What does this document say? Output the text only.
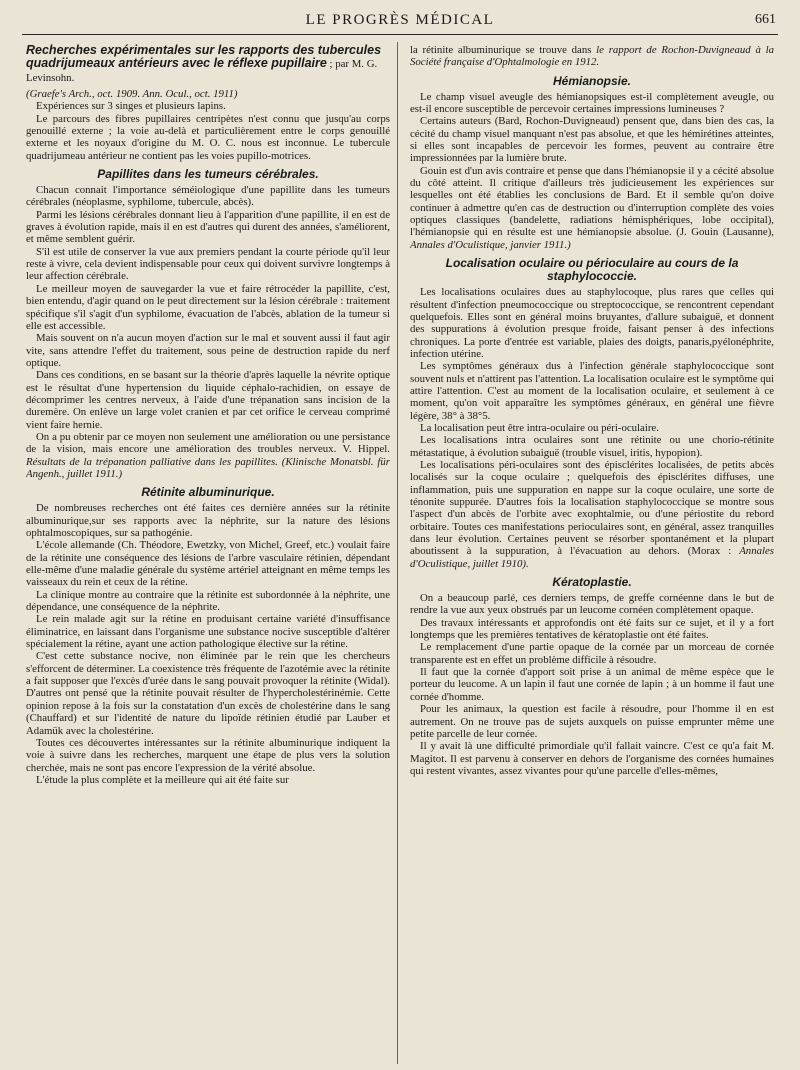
LE PROGRÈS MÉDICAL	661
Recherches expérimentales sur les rapports des tubercules quadrijumeaux antérieurs avec le réflexe pupillaire ; par M. G. Levinsohn.

(Graefe's Arch., oct. 1909. Ann. Ocul., oct. 1911)

Expériences sur 3 singes et plusieurs lapins.

Le parcours des fibres pupillaires centripètes n'est connu que jusqu'au corps genouillé externe ; la voie au-delà et particulièrement entre le corps genouillé externe et les noyaux d'origine du M. O. C. nous est inconnue. Le tubercule quadrijumeau antérieur ne contient pas les voies pupillo-motrices.

Papillites dans les tumeurs cérébrales.

Chacun connait l'importance séméiologique d'une papillite dans les tumeurs cérébrales (néoplasme, syphilome, tubercule, abcès).

Parmi les lésions cérébrales donnant lieu à l'apparition d'une papillite, il en est de graves à évolution rapide, mais il en est d'autres qui durent des années, s'améliorent, et même semblent guérir.

S'il est utile de conserver la vue aux premiers pendant la courte période qu'il leur reste à vivre, cela devient indispensable pour ceux qui doivent survivre longtemps à leur affection cérébrale.

Le meilleur moyen de sauvegarder la vue et faire rétrocéder la papillite, c'est, bien entendu, d'agir quand on le peut directement sur la lésion cérébrale : traitement spécifique s'il s'agit d'un syphilome, évacuation de l'abcès, ablation de la tumeur si elle est accessible.

Mais souvent on n'a aucun moyen d'action sur le mal et souvent aussi il faut agir vite, sans attendre l'effet du traitement, sous peine de destruction rapide du nerf optique.

Dans ces conditions, en se basant sur la théorie d'après laquelle la névrite optique est le résultat d'une hypertension du liquide céphalo-rachidien, on essaye de décomprimer les centres nerveux, à l'aide d'une trépanation sans incision de la duremère. On enlève un large volet cranien et par cet orifice le cerveau comprimé vient faire hernie.

On a pu obtenir par ce moyen non seulement une amélioration ou une persistance de la vision, mais encore une amélioration des troubles nerveux. V. Hippel. Résultats de la trépanation palliative dans les papillites. (Klinische Monatsbl. für Angenh., juillet 1911.)

Rétinite albuminurique.

De nombreuses recherches ont été faites ces dernière années sur la rétinite albuminurique,sur ses rapports avec la néphrite, sur la nature des lésions ophtalmoscopiques, sur sa pathogénie.

L'école allemande (Ch. Théodore, Ewetzky, von Michel, Greef, etc.) voulait faire de la rétinite une conséquence des lésions de l'arbre vasculaire rétinien, dépendant elle-même d'une maladie générale du système artériel atteignant en même temps les vaisseaux du rein et ceux de la rétine.

La clinique montre au contraire que la rétinite est subordonnée à la néphrite, une dépendance, une conséquence de la néphrite.

Le rein malade agit sur la rétine en produisant certaine variété d'insuffisance éliminatrice, en laissant dans l'organisme une substance nocive susceptible d'altérer spécialement la rétine, ayant une action pathologique élective sur la rétine.

C'est cette substance nocive, non éliminée par le rein que les chercheurs s'efforcent de déterminer. La coexistence très fréquente de l'azotémie avec la rétinite a fait supposer que l'excès d'urée dans le sang pouvait provoquer la rétinite (Widal). D'autres ont pensé que la rétinite pouvait résulter de l'hypercholestérinémie. Cette opinion repose à la fois sur la constatation d'un excès de cholestérine dans le sang (Chauffard) et sur l'identité de nature du lipoïde rétinien étudié par Lauber et Adamük avec la cholestérine.

Toutes ces découvertes intéressantes sur la rétinite albuminurique indiquent la voie à suivre dans les recherches, marquent une étape de plus vers la solution cherchée, mais ne sont pas encore l'expression de la vérité absolue.

L'étude la plus complète et la meilleure qui ait été faite sur

la rétinite albuminurique se trouve dans le rapport de Rochon-Duvigneaud à la Société française d'Ophtalmologie en 1912.

Hémianopsie.

Le champ visuel aveugle des hémianopsiques est-il complètement aveugle, ou est-il encore susceptible de percevoir certaines impressions lumineuses ?

Certains auteurs (Bard, Rochon-Duvigneaud) pensent que, dans bien des cas, la cécité du champ visuel manquant n'est pas absolue, et que les hémirétines atteintes, si elles sont incapables de percevoir les formes, peuvent au contraire être impressionnées par la lumière brute.

Gouin est d'un avis contraire et pense que dans l'hémianopsie il y a cécité absolue du côté atteint. Il critique d'ailleurs très judicieusement les expériences sur lesquelles ont été établies les conclusions de Bard. Et il semble qu'on doive continuer à admettre qu'en cas de destruction ou d'interruption complète des voies optiques classiques (bandelette, radiations hémisphériques, lobe occipital), l'hémianopsie qui en résulte est une hémianopsie absolue. (J. Gouin (Lausanne), Annales d'Oculistique, janvier 1911.)

Localisation oculaire ou périoculaire au cours de la staphylococcie.

Les localisations oculaires dues au staphylocoque, plus rares que celles qui résultent d'infection pneumococcique ou streptococcique, se rencontrent cependant quelquefois. Elles sont en général moins bruyantes, d'allure subaiguë, et donnent des suppurations à évolution presque froide, faisant penser à des infections chroniques. La porte d'entrée est variable, plaies des doigts, panaris,pyélonéphrite, infection utérine.

Les symptômes généraux dus à l'infection générale staphylococcique sont souvent nuls et n'attirent pas l'attention. La localisation oculaire est le symptôme qui attire l'attention. C'est au moment de la localisation oculaire, et seulement à ce moment, qu'on voit apparaître les symptômes généraux, en général une fièvre légère, 38° à 38°5.

La localisation peut être intra-oculaire ou péri-oculaire.

Les localisations intra oculaires sont une rétinite ou une chorio-rétinite métastatique, à évolution subaiguë (trouble visuel, iritis, hypopion).

Les localisations péri-oculaires sont des épisclérites localisées, de petits abcès localisés sur la coque oculaire ; quelquefois des épisclérites diffuses, une inflammation, puis une suppuration en nappe sur la coque oculaire, une sorte de ténonite suppurée. D'autres fois la localisation staphylococcique se montre sous l'aspect d'un abcès de l'orbite avec exophtalmie, ou d'une périostite du rebord orbitaire. Toutes ces manifestations perioculaires sont, en général, assez tranquilles dans leur évolution. Certaines peuvent se résorber spontanément et la plupart aboutissent à la suppuration, à l'évacuation au dehors. (Morax : Annales d'Oculistique, juillet 1910).

Kératoplastie.

On a beaucoup parlé, ces derniers temps, de greffe cornéenne dans le but de rendre la vue aux yeux obstrués par un leucome cornéen complètement opaque.

Des travaux intéressants et approfondis ont été faits sur ce sujet, et il y a fort longtemps que les premières tentatives de kératoplastie ont été faites.

Le remplacement d'une partie opaque de la cornée par un morceau de cornée transparente est en effet un problème difficile à résoudre.

Il faut que la cornée d'apport soit prise à un animal de même espèce que le porteur du leucome. A un lapin il faut une cornée de lapin ; à un homme il faut une cornée d'homme.

Pour les animaux, la question est facile à résoudre, pour l'homme il en est autrement. On ne trouve pas de sujets auxquels on puisse emprunter même une petite parcelle de leur cornée.

Il y avait là une difficulté primordiale qu'il fallait vaincre. C'est ce qu'a fait M. Magitot. Il est parvenu à conserver en dehors de l'organisme des cornées humaines qui restent vivantes, assez vivantes pour qu'une parcelle d'elles-mêmes,
